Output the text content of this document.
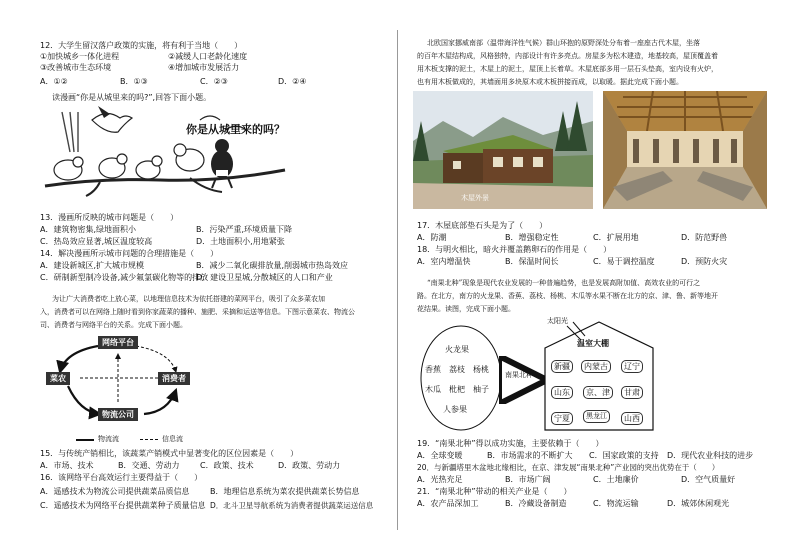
12．大学生留汉落户政策的实施，将有利于当地（　　）
①加快城乡一体化进程	②减缓人口老龄化速度
③改善城市生态环境	④增加城市发展活力
A．①②	B．①③	C．②③	D．②④
读漫画“你是从城里来的吗?”,回答下面小题。
你是从城里来的吗？
13．漫画所反映的城市问题是（　　）
A．建筑物密集,绿地面积小	B．污染严重,环境质量下降
C．热岛效应显著,城区温度较高	D．土地面积小,用地紧张
14．解决漫画所示城市问题的合理措施是（　　）
A．建设新城区,扩大城市规模	B．减少二氧化碳排放量,削弱城市热岛效应
C．研制新型制冷设备,减少氟氯碳化物等的排放
D．建设卫星城,分散城区的人口和产业
为让广大消费者吃上放心菜，以地理信息技术为依托搭建的菜网平台，吸引了众多菜农加
入，消费者可以在网络上随时看到你家蔬菜的播种、施肥、采摘和运送等信息。下图示意菜农、物流公
司、消费者与网络平台的关系。完成下面小题。
网络平台
菜农	消费者
物流公司
物流流	信息流
15．与传统产销相比，该蔬菜产销模式中显著变化的区位因素是（　　）
A．市场、技术	B．交通、劳动力	C．政策、技术	D．政策、劳动力
16．该网络平台高效运行主要得益于（　　）
A．遥感技术为物流公司提供蔬菜品质信息	B．地理信息系统为菜农提供蔬菜长势信息
C．遥感技术为网络平台提供蔬菜种子质量信息 D．北斗卫星导航系统为消费者提供蔬菜运送信息
北欧国家挪威南部（温带海洋性气候）群山环抱的原野深处分布着一座座古代木屋，坐落
的百年木屋结构成，风格独特，内部设计有许多亮点。房屋多为松木建造，地基较高，屋顶覆盖着
用木板支撑的泥土，木屋上的泥土，屋顶上长着草。木屋底部多用一层石头垫高，室内设有火炉，
也有用木板做成的，其墙面用多块原木或木板拼接而成，以取暖。据此完成下面小题。
木屋外景
17．木屋底部垫石头是为了（　　）
A．防潮	B．增强稳定性	C．扩展用地	D．防范野兽
18．与明火相比，暗火并覆盖鹅卵石的作用是（　　）
A．室内增温快	B．保温时间长	C．易于调控温度	D．预防火灾
“南果北种”现象是现代农业发展的一种普遍趋势，也是发展高附加值、高效农业的可行之
路。在北方，南方的火龙果、香蕉、荔枝、杨桃、木瓜等水果不断在北方的京、津、鲁、新等地开
花结果。读图，完成下面小题。
太阳光
温室大棚
南果北种
火龙果
香蕉 荔枝 杨桃
木瓜 枇杷 柚子
人参果
新疆	内蒙古	辽宁
山东	京、津	甘肃
宁夏	黑龙江	山西
19．“南果北种”得以成功实施，主要依赖于（　　）
A．全球变暖	B．市场需求的不断扩大 C．国家政策的支持 D．现代农业科技的进步
20．与新疆塔里木盆地北缘相比，在京、津发展“南果北种”产业园的突出优势在于（　　）
A．光热充足	B．市场广阔	C．土地廉价	D．空气质量好
21．“南果北种”带动的相关产业是（　　）
A．农产品深加工	B．冷藏设备制造	C．物流运输	D．城郊休闲观光
